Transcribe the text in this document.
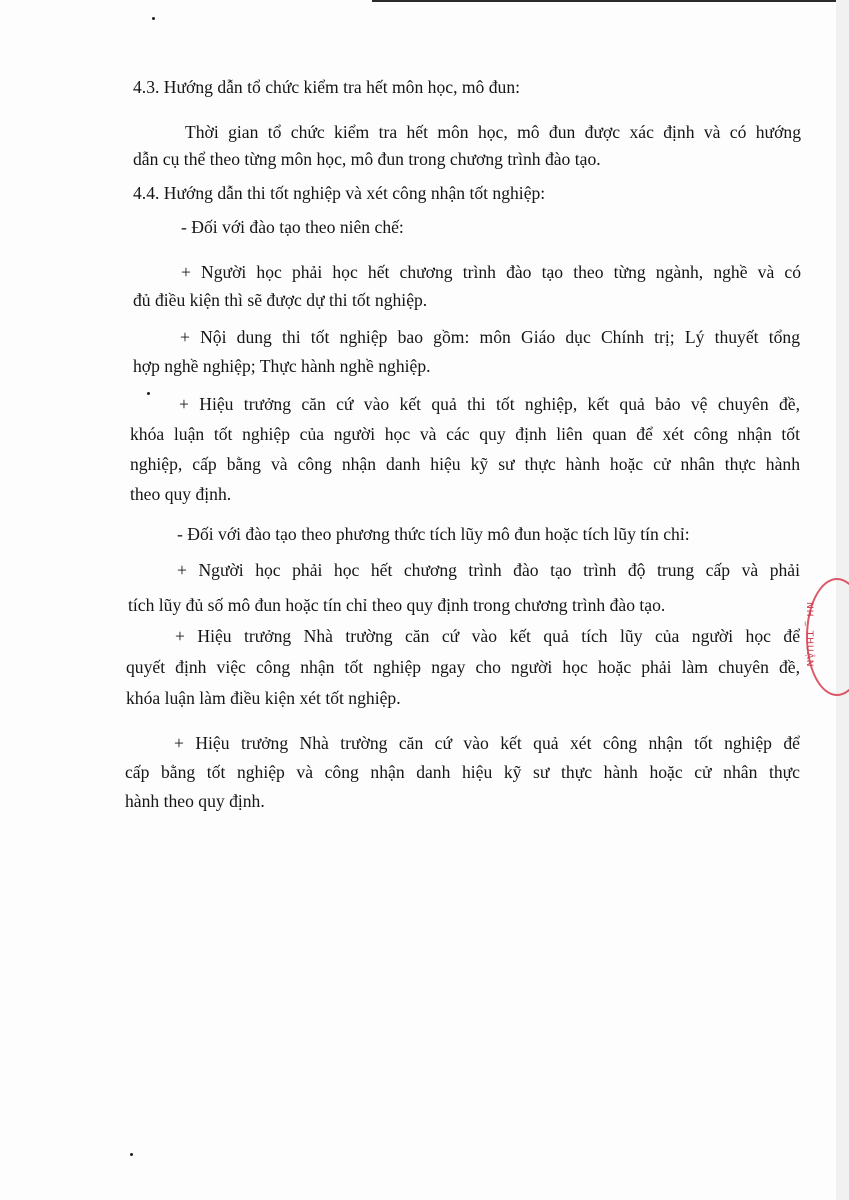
4.3. Hướng dẫn tổ chức kiểm tra hết môn học, mô đun:
Thời gian tổ chức kiểm tra hết môn học, mô đun được xác định và có hướng
dẫn cụ thể theo từng môn học, mô đun trong chương trình đào tạo.
4.4. Hướng dẫn thi tốt nghiệp và xét công nhận tốt nghiệp:
- Đối với đào tạo theo niên chế:
+ Người học phải học hết chương trình đào tạo theo từng ngành, nghề và có
đủ điều kiện thì sẽ được dự thi tốt nghiệp.
+ Nội dung thi tốt nghiệp bao gồm: môn Giáo dục Chính trị; Lý thuyết tổng
hợp nghề nghiệp; Thực hành nghề nghiệp.
+ Hiệu trưởng căn cứ vào kết quả thi tốt nghiệp, kết quả bảo vệ chuyên đề,
khóa luận tốt nghiệp của người học và các quy định liên quan để xét công nhận tốt
nghiệp, cấp bằng và công nhận danh hiệu kỹ sư thực hành hoặc cử nhân thực hành
theo quy định.
- Đối với đào tạo theo phương thức tích lũy mô đun hoặc tích lũy tín chỉ:
+ Người học phải học hết chương trình đào tạo trình độ trung cấp và phải
tích lũy đủ số mô đun hoặc tín chỉ theo quy định trong chương trình đào tạo.
+ Hiệu trưởng Nhà trường căn cứ vào kết quả tích lũy của người học để
quyết định việc công nhận tốt nghiệp ngay cho người học hoặc phải làm chuyên đề,
khóa luận làm điều kiện xét tốt nghiệp.
+ Hiệu trưởng Nhà trường căn cứ vào kết quả xét công nhận tốt nghiệp để
cấp bằng tốt nghiệp và công nhận danh hiệu kỹ sư thực hành hoặc cử nhân thực
hành theo quy định.
NH _ THUẬN
